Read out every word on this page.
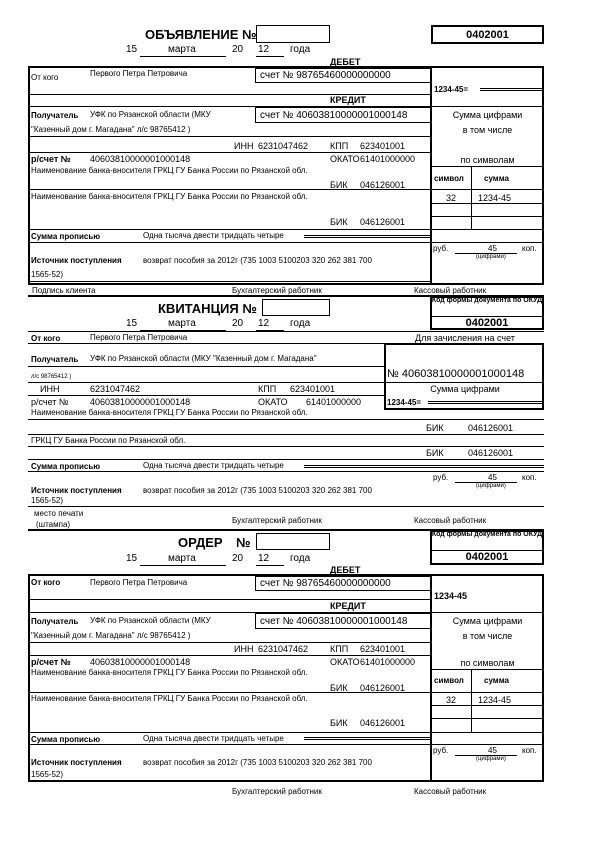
ОБЪЯВЛЕНИЕ №	0402001
15	марта	20 12 года
ДЕБЕТ
От кого	Первого Петра Петровича	счет № 98765460000000000
1234-45=
КРЕДИТ
Получатель УФК по Рязанской области (МКУ	счет № 40603810000001000148	Сумма цифрами
"Казенный дом г. Магадана" л/с 98765412 )	в том числе
ИНН 6231047462 КПП 623401001
р/счет № 40603810000001000148	ОКАТО 61401000000	по символам
Наименование банка-вносителя ГРКЦ ГУ Банка России по Рязанской обл.
БИК 046126001
символ	сумма
Наименование банка-вносителя ГРКЦ ГУ Банка России по Рязанской обл.	32 1234-45
БИК 046126001
Сумма прописью	Одна тысяча двести тридцать четыре
руб.	45	коп.
(цифрами)
Источник поступления	возврат пособия за 2012г (735 1003 5100203 320 262 381 700
1565-52)
Подпись клиента	Бухгалтерский работник	Кассовый работник
КВИТАНЦИЯ №
Код формы документа по ОКУД
0402001
15	марта	20 12 года
От кого	Первого Петра Петровича	Для зачисления на счет
Получатель УФК по Рязанской области (МКУ "Казенный дом г. Магадана"
л/с 98765412 )	№ 40603810000001000148
ИНН	6231047462	КПП 623401001	Сумма цифрами
р/счет № 40603810000001000148	ОКАТО 61401000000	1234-45=
Наименование банка-вносителя ГРКЦ ГУ Банка России по Рязанской обл.
БИК	046126001
ГРКЦ ГУ Банка России по Рязанской обл.
БИК	046126001
Сумма прописью	Одна тысяча двести тридцать четыре
руб.	45	коп.
(цифрами)
Источник поступления	возврат пособия за 2012г (735 1003 5100203 320 262 381 700
1565-52)
место печати
(штампа)	Бухгалтерский работник	Кассовый работник
ОРДЕР №
Код формы документа по ОКУД
0402001
15	марта	20 12 года
ДЕБЕТ
От кого	Первого Петра Петровича	счет № 98765460000000000
1234-45
КРЕДИТ
Получатель УФК по Рязанской области (МКУ	счет № 40603810000001000148	Сумма цифрами
"Казенный дом г. Магадана" л/с 98765412 )	в том числе
ИНН 6231047462 КПП 623401001
р/счет № 40603810000001000148	ОКАТО 61401000000	по символам
Наименование банка-вносителя ГРКЦ ГУ Банка России по Рязанской обл.
БИК 046126001
символ	сумма
Наименование банка-вносителя ГРКЦ ГУ Банка России по Рязанской обл.	32 1234-45
БИК 046126001
Сумма прописью	Одна тысяча двести тридцать четыре
руб.	45	коп.
(цифрами)
Источник поступления	возврат пособия за 2012г (735 1003 5100203 320 262 381 700
1565-52)
Бухгалтерский работник	Кассовый работник
